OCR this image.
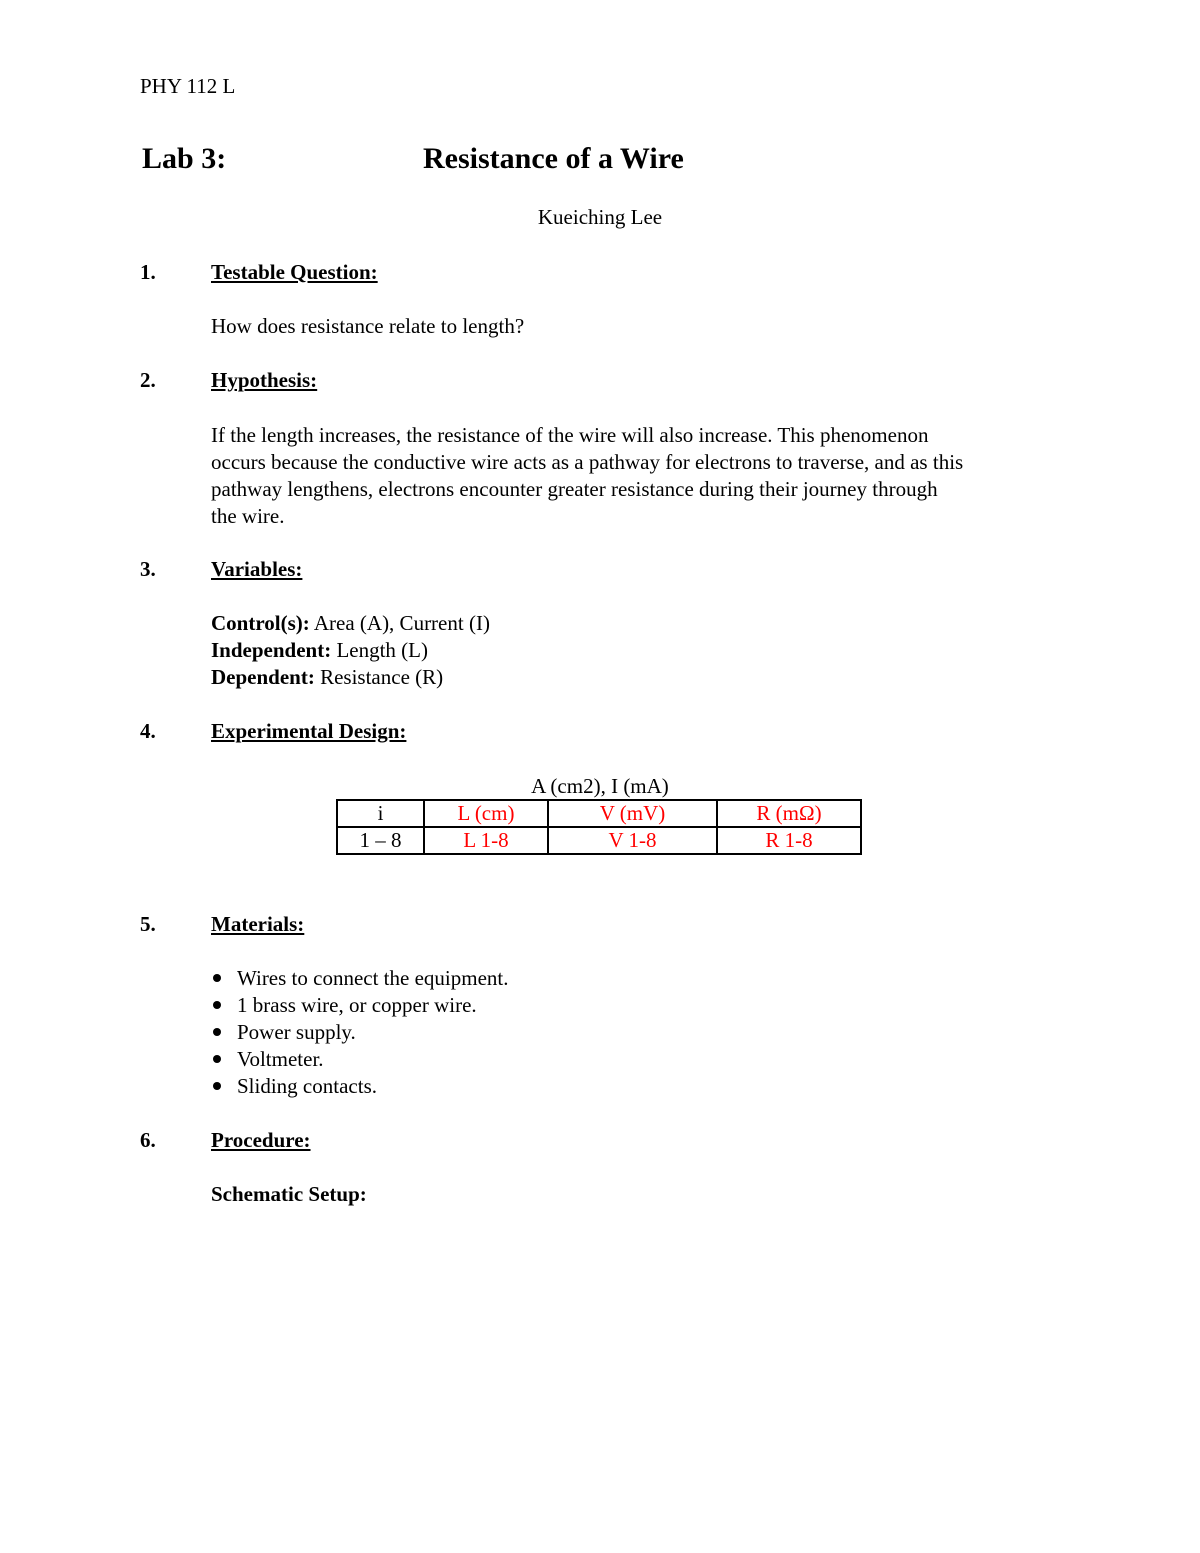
PHY 112 L
Lab 3:	Resistance of a Wire
Kueiching Lee
1.	Testable Question:
How does resistance relate to length?
2.	Hypothesis:
If the length increases, the resistance of the wire will also increase. This phenomenon
occurs because the conductive wire acts as a pathway for electrons to traverse, and as this
pathway lengthens, electrons encounter greater resistance during their journey through
the wire.
3.	Variables:
Control(s): Area (A), Current (I)
Independent: Length (L)
Dependent: Resistance (R)
4.	Experimental Design:
A (cm2), I (mA)
i	L (cm)	V (mV)	R (mΩ)
1 – 8	L 1-8	V 1-8	R 1-8
5.	Materials:
Wires to connect the equipment.
1 brass wire, or copper wire.
Power supply.
Voltmeter.
Sliding contacts.
6.	Procedure:
Schematic Setup:
